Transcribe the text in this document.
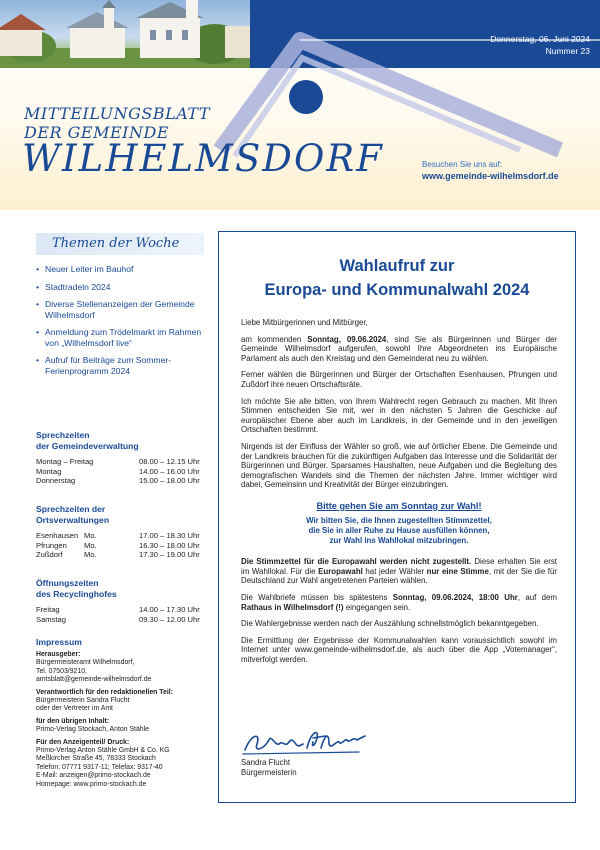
Donnerstag, 06. Juni 2024
Nummer 23
MITTEILUNGSBLATT
DER GEMEINDE
WILHELMSDORF	Besuchen Sie uns auf:
www.gemeinde-wilhelmsdorf.de
Themen der Woche
• Neuer Leiter im Bauhof
• Stadtradeln 2024
• Diverse Stellenanzeigen der Gemeinde Wilhelmsdorf
• Anmeldung zum Trödelmarkt im Rahmen von „Wilhelmsdorf live“
• Aufruf für Beiträge zum Sommer-Ferienprogramm 2024
Sprechzeiten
der Gemeindeverwaltung
Montag – Freitag	08.00 – 12.15 Uhr
Montag	14.00 – 16.00 Uhr
Donnerstag	15.00 – 18.00 Uhr
Sprechzeiten der
Ortsverwaltungen
Esenhausen Mo.	17.00 – 18.30 Uhr
Pfrungen	Mo.	16.30 – 18.00 Uhr
Zußdorf	Mo.	17.30 – 19.00 Uhr
Öffnungszeiten
des Recyclinghofes
Freitag	14.00 – 17.30 Uhr
Samstag	09.30 – 12.00 Uhr
Impressum
Herausgeber:

Bürgermeisteramt Wilhelmsdorf,

Tel. 07503/9210,

amtsblatt@gemeinde-wilhelmsdorf.de

Verantwortlich für den redaktionellen Teil:

Bürgermeisterin Sandra Flucht

oder der Vertreter im Amt

für den übrigen Inhalt:

Primo-Verlag Stockach, Anton Stähle

Für den Anzeigenteil/ Druck:

Primo-Verlag Anton Stähle GmbH & Co. KG

Meßkircher Straße 45, 78333 Stockach

Telefon: 07771 9317-11; Telefax: 9317-40

E-Mail: anzeigen@primo-stockach.de

Homepage: www.primo-stockach.de

Wahlaufruf zur
Europa- und Kommunalwahl 2024

Liebe Mitbürgerinnen und Mitbürger,

am kommenden Sonntag, 09.06.2024, sind Sie als Bürgerinnen und Bürger der Gemeinde Wilhelmsdorf aufgerufen, sowohl Ihre Abgeordneten ins Europäische Parlament als auch den Kreistag und den Gemeinderat neu zu wählen.

Ferner wählen die Bürgerinnen und Bürger der Ortschaften Esenhausen, Pfrungen und Zußdorf ihre neuen Ortschaftsräte.

Ich möchte Sie alle bitten, von Ihrem Wahlrecht regen Gebrauch zu machen. Mit Ihren Stimmen entscheiden Sie mit, wer in den nächsten 5 Jahren die Geschicke auf europäischer Ebene aber auch im Landkreis, in der Gemeinde und in den jeweiligen Ortschaften bestimmt.

Nirgends ist der Einfluss der Wähler so groß, wie auf örtlicher Ebene. Die Gemeinde und der Landkreis brauchen für die zukünftigen Aufgaben das Interesse und die Solidarität der Bürgerinnen und Bürger. Sparsames Haushalten, neue Aufgaben und die Begleitung des demografischen Wandels sind die Themen der nächsten Jahre. Immer wichtiger wird dabei, Gemeinsinn und Kreativität der Bürger einzubringen.

Bitte gehen Sie am Sonntag zur Wahl!
Wir bitten Sie, die Ihnen zugestellten Stimmzettel,
die Sie in aller Ruhe zu Hause ausfüllen können,
zur Wahl ins Wahllokal mitzubringen.

Die Stimmzettel für die Europawahl werden nicht zugestellt. Diese erhalten Sie erst im Wahllokal. Für die Europawahl hat jeder Wähler nur eine Stimme, mit der Sie die für Deutschland zur Wahl angetretenen Parteien wählen.

Die Wahlbriefe müssen bis spätestens Sonntag, 09.06.2024, 18:00 Uhr, auf dem Rathaus in Wilhelmsdorf (!) eingegangen sein.

Die Wahlergebnisse werden nach der Auszählung schnellstmöglich bekanntgegeben.

Die Ermittlung der Ergebnisse der Kommunalwahlen kann voraussichtlich sowohl im Internet unter www.gemeinde-wilhelmsdorf.de, als auch über die App „Votemanager“, mitverfolgt werden.

Sandra Flucht
Bürgermeisterin
